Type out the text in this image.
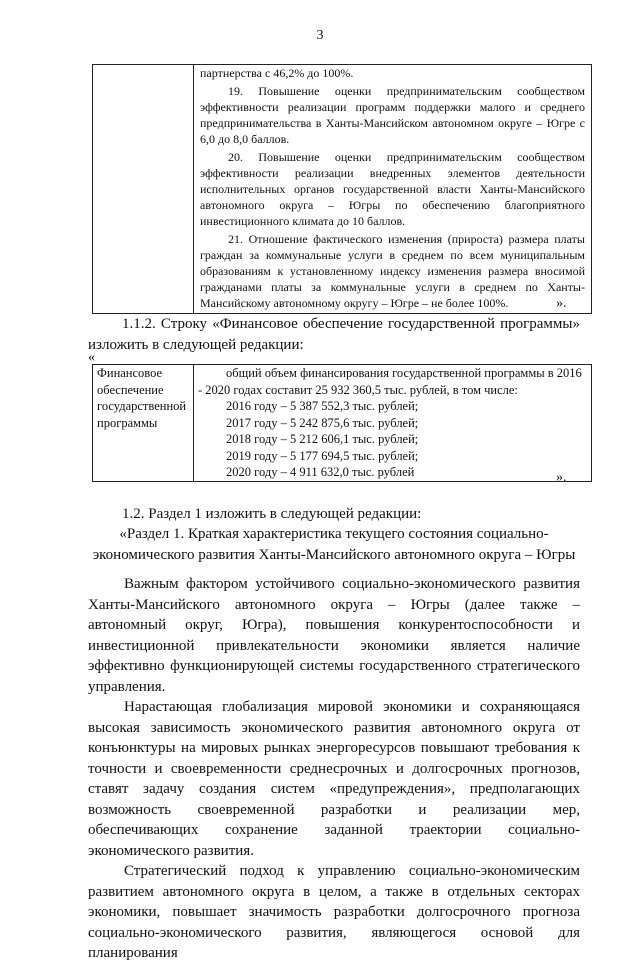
3

партнерства с 46,2% до 100%.

19. Повышение оценки предпринимательским сообществом эффективности реализации программ поддержки малого и среднего предпринимательства в Ханты-Мансийском автономном округе – Югре с 6,0 до 8,0 баллов.

20. Повышение оценки предпринимательским сообществом эффективности реализации внедренных элементов деятельности исполнительных органов государственной власти Ханты-Мансийского автономного округа – Югры по обеспечению благоприятного инвестиционного климата до 10 баллов.

21. Отношение фактического изменения (прироста) размера платы граждан за коммунальные услуги в среднем по всем муниципальным образованиям к установленному индексу изменения размера вносимой гражданами платы за коммунальные услуги в среднем по Ханты-Мансийскому автономному округу – Югре – не более 100%.	».
1.1.2. Строку «Финансовое обеспечение государственной программы» изложить в следующей редакции:
«
Финансовое обеспечение государственной программы

общий объем финансирования государственной программы в 2016 - 2020 годах составит 25 932 360,5 тыс. рублей, в том числе:
2016 году – 5 387 552,3 тыс. рублей;
2017 году – 5 242 875,6 тыс. рублей;
2018 году – 5 212 606,1 тыс. рублей;
2019 году – 5 177 694,5 тыс. рублей;
2020 году – 4 911 632,0 тыс. рублей	».
1.2. Раздел 1 изложить в следующей редакции:
«Раздел 1. Краткая характеристика текущего состояния социально-экономического развития Ханты-Мансийского автономного округа – Югры

Важным фактором устойчивого социально-экономического развития Ханты-Мансийского автономного округа – Югры (далее также – автономный округ, Югра), повышения конкурентоспособности и инвестиционной привлекательности экономики является наличие эффективно функционирующей системы государственного стратегического управления.

Нарастающая глобализация мировой экономики и сохраняющаяся высокая зависимость экономического развития автономного округа от конъюнктуры на мировых рынках энергоресурсов повышают требования к точности и своевременности среднесрочных и долгосрочных прогнозов, ставят задачу создания систем «предупреждения», предполагающих возможность своевременной разработки и реализации мер, обеспечивающих сохранение заданной траектории социально-экономического развития.

Стратегический подход к управлению социально-экономическим развитием автономного округа в целом, а также в отдельных секторах экономики, повышает значимость разработки долгосрочного прогноза социально-экономического развития, являющегося основой для планирования
